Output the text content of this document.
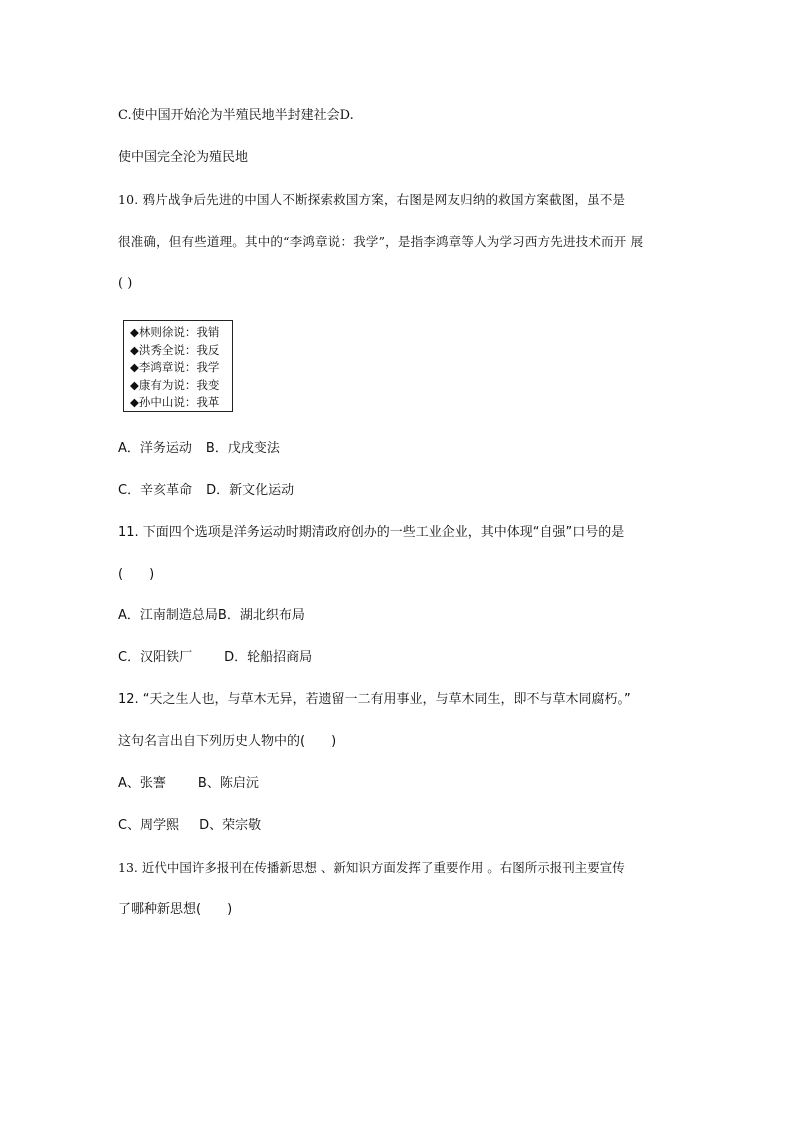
C.使中国开始沦为半殖民地半封建社会D.
使中国完全沦为殖民地
10. 鸦片战争后先进的中国人不断探索救国方案，右图是网友归纳的救国方案截图，虽不是
很准确，但有些道理。其中的“李鸿章说：我学”，是指李鸿章等人为学习西方先进技术而开 展
( )
◆林则徐说：我销
◆洪秀全说：我反
◆李鸿章说：我学
◆康有为说：我变
◆孙中山说：我革
A．洋务运动 B．戊戌变法
C．辛亥革命 D．新文化运动
11. 下面四个选项是洋务运动时期清政府创办的一些工业企业，其中体现“自强”口号的是
(　　)
A．江南制造总局B．湖北织布局
C．汉阳铁厂 D．轮船招商局
12. “天之生人也，与草木无异，若遗留一二有用事业，与草木同生，即不与草木同腐朽。”
这句名言出自下列历史人物中的(　　)
A、张謇 B、陈启沅
C、周学熙 D、荣宗敬
13. 近代中国许多报刊在传播新思想 、新知识方面发挥了重要作用 。右图所示报刊主要宣传
了哪种新思想(　　)
